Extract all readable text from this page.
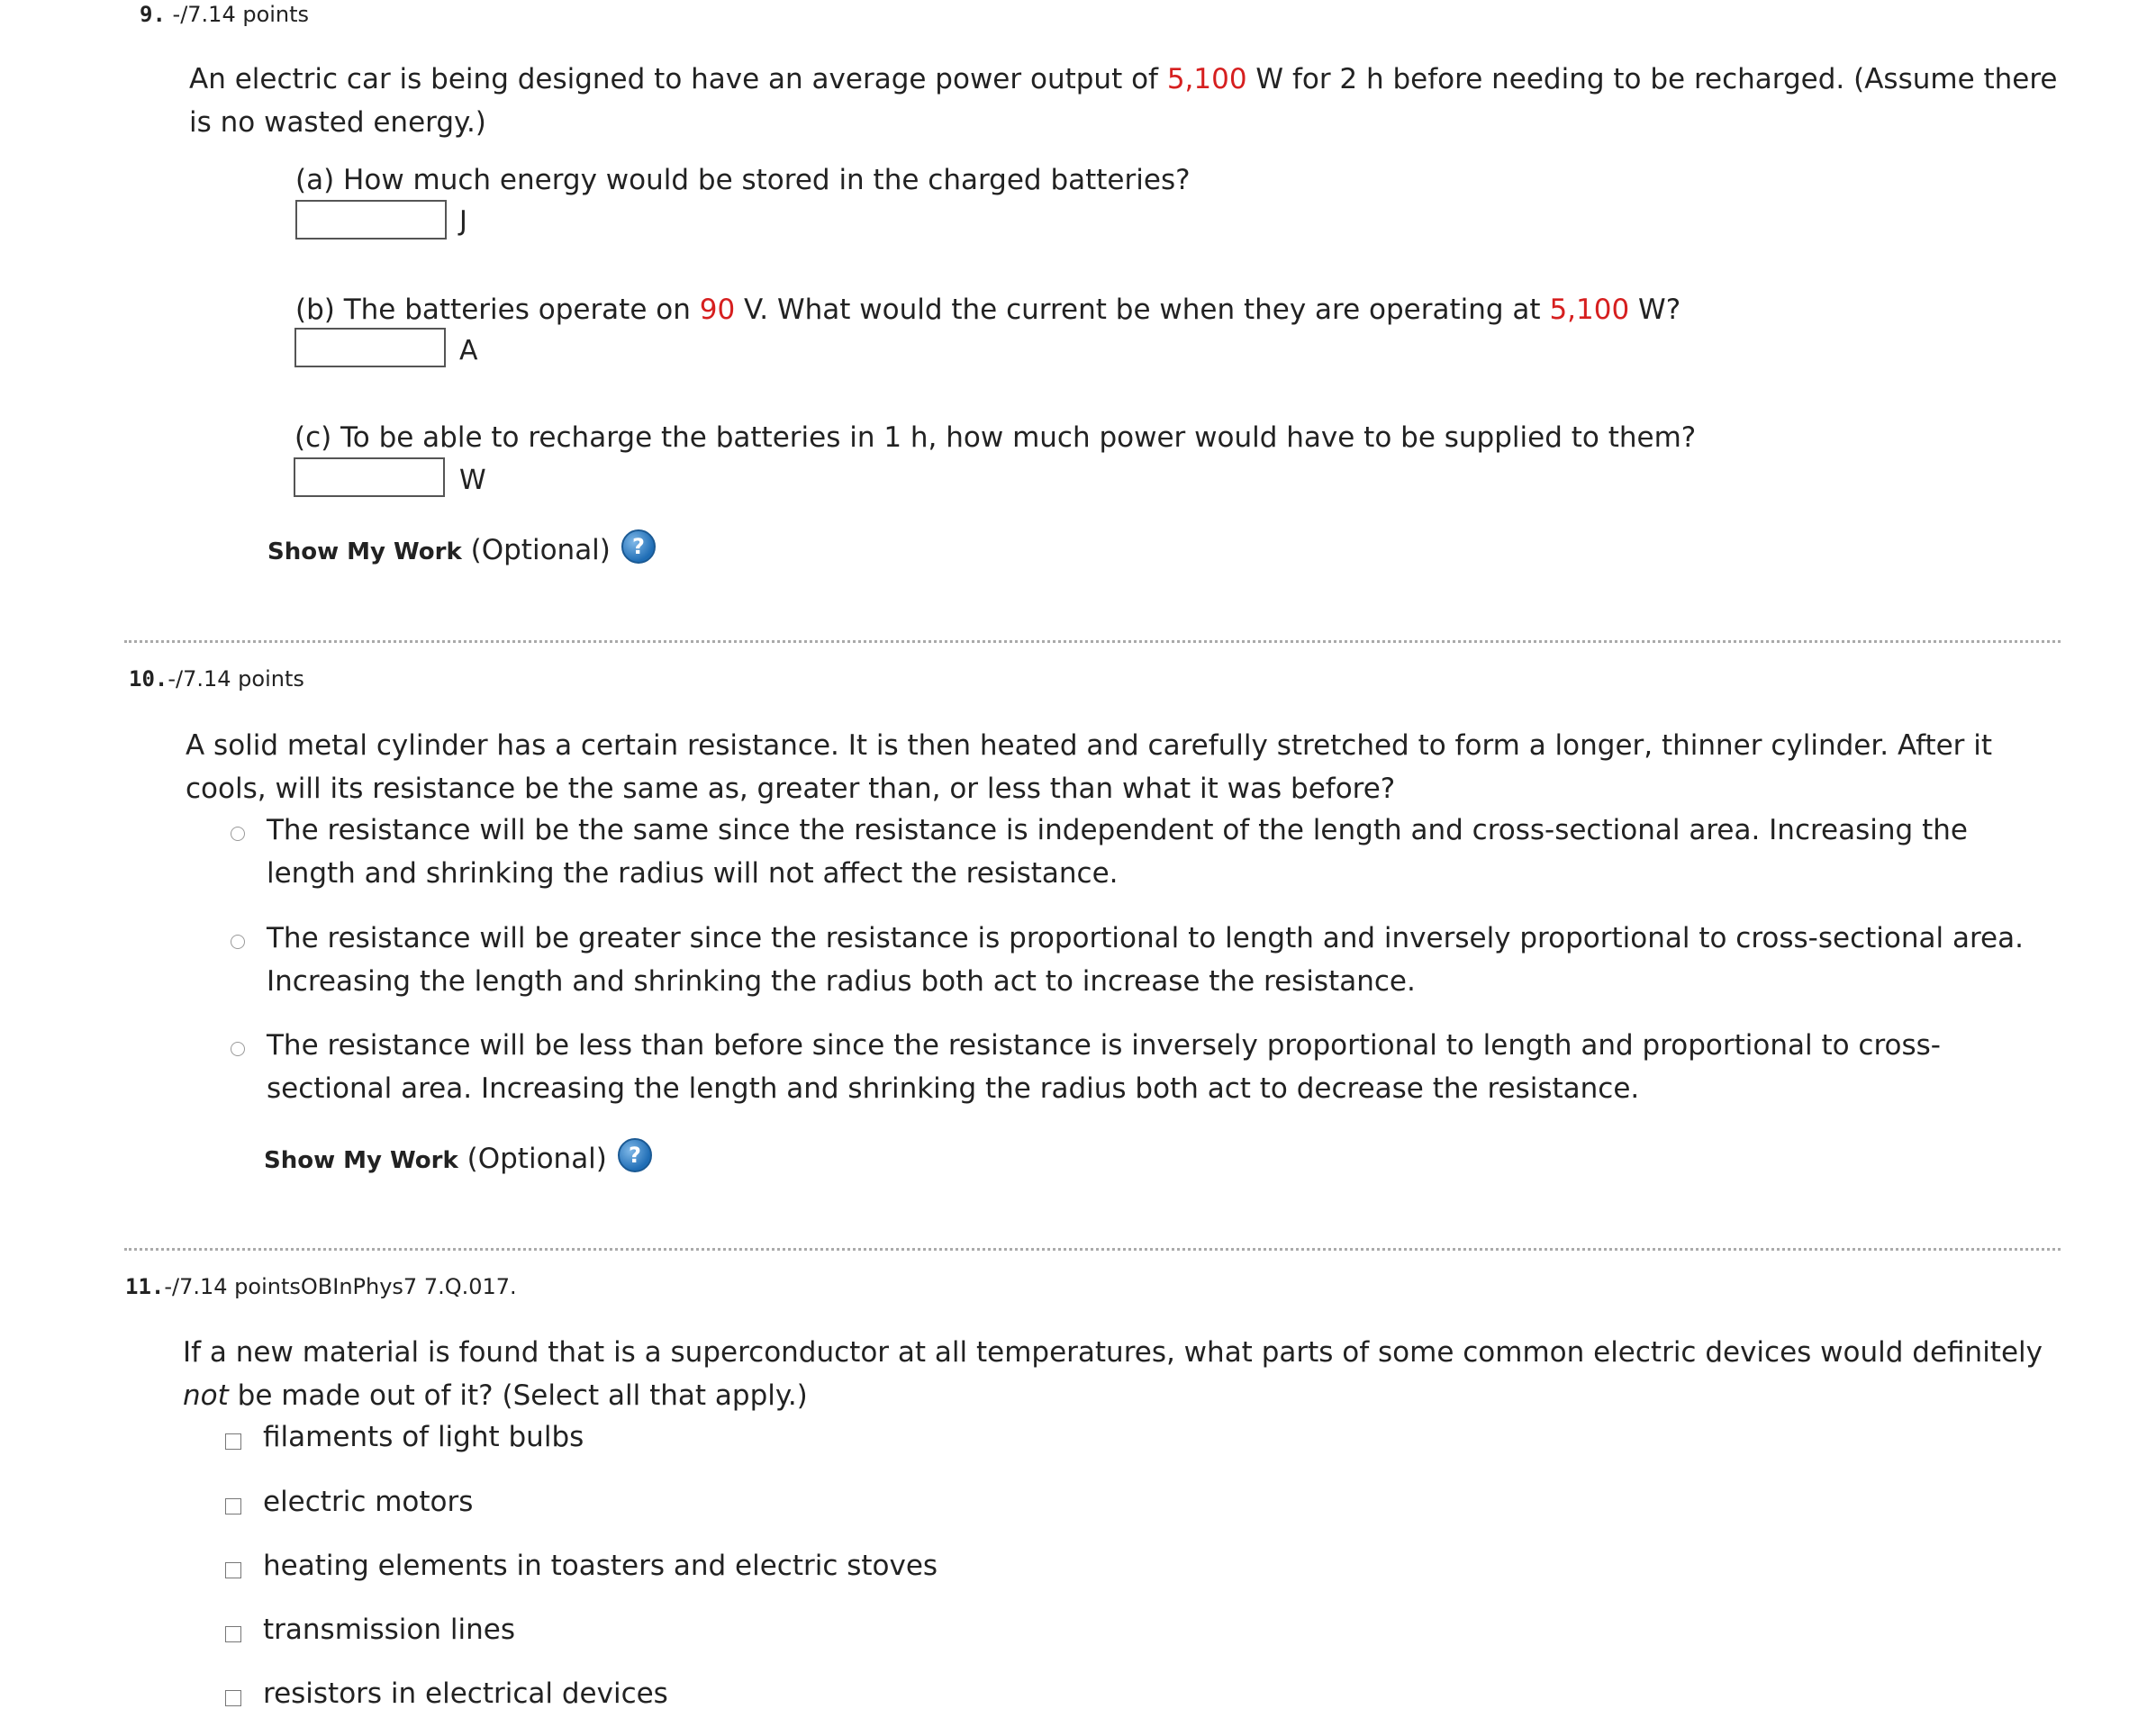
9. -/7.14 points
An electric car is being designed to have an average power output of 5,100 W for 2 h before needing to be recharged. (Assume there is no wasted energy.)
(a) How much energy would be stored in the charged batteries?
J
(b) The batteries operate on 90 V. What would the current be when they are operating at 5,100 W?
A
(c) To be able to recharge the batteries in 1 h, how much power would have to be supplied to them?
W
Show My Work (Optional) ?
10.-/7.14 points
A solid metal cylinder has a certain resistance. It is then heated and carefully stretched to form a longer, thinner cylinder. After it cools, will its resistance be the same as, greater than, or less than what it was before?
The resistance will be the same since the resistance is independent of the length and cross-sectional area. Increasing the length and shrinking the radius will not affect the resistance.
The resistance will be greater since the resistance is proportional to length and inversely proportional to cross-sectional area. Increasing the length and shrinking the radius both act to increase the resistance.
The resistance will be less than before since the resistance is inversely proportional to length and proportional to cross-sectional area. Increasing the length and shrinking the radius both act to decrease the resistance.
Show My Work (Optional) ?
11.-/7.14 pointsOBInPhys7 7.Q.017.
If a new material is found that is a superconductor at all temperatures, what parts of some common electric devices would definitely not be made out of it? (Select all that apply.)
filaments of light bulbs
electric motors
heating elements in toasters and electric stoves
transmission lines
resistors in electrical devices
